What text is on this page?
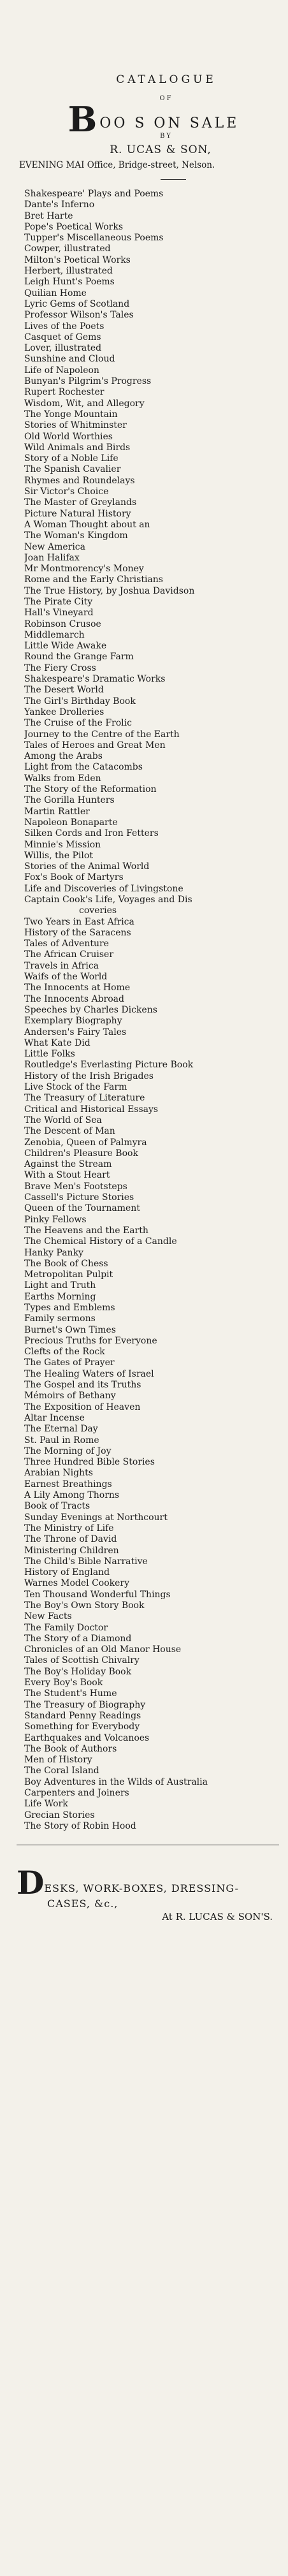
CATALOGUE
OF
B OO S ON SALE
BY
R. UCAS & SON,
EVENING MAI Office, Bridge-street, Nelson.
Shakespeare' Plays and Poems
Dante's Inferno
Bret Harte
Pope's Poetical Works
Tupper's Miscellaneous Poems
Cowper, illustrated
Milton's Poetical Works
Herbert, illustrated
Leigh Hunt's Poems
Quilian Home
Lyric Gems of Scotland
Professor Wilson's Tales
Lives of the Poets
Casquet of Gems
Lover, illustrated
Sunshine and Cloud
Life of Napoleon
Bunyan's Pilgrim's Progress
Rupert Rochester
Wisdom, Wit, and Allegory
The Yonge Mountain
Stories of Whitminster
Old World Worthies
Wild Animals and Birds
Story of a Noble Life
The Spanish Cavalier
Rhymes and Roundelays
Sir Victor's Choice
The Master of Greylands
Picture Natural History
A Woman Thought about an
The Woman's Kingdom
New America
Joan Halifax
Mr Montmorency's Money
Rome and the Early Christians
The True History, by Joshua Davidson
The Pirate City
Hall's Vineyard
Robinson Crusoe
Middlemarch
Little Wide Awake
Round the Grange Farm
The Fiery Cross
Shakespeare's Dramatic Works
The Desert World
The Girl's Birthday Book
Yankee Drolleries
The Cruise of the Frolic
Journey to the Centre of the Earth
Tales of Heroes and Great Men
Among the Arabs
Light from the Catacombs
Walks from Eden
The Story of the Reformation
The Gorilla Hunters
Martin Rattler
Napoleon Bonaparte
Silken Cords and Iron Fetters
Minnie's Mission
Willis, the Pilot
Stories of the Animal World
Fox's Book of Martyrs
Life and Discoveries of Livingstone
Captain Cook's Life, Voyages and Dis
coveries
Two Years in East Africa
History of the Saracens
Tales of Adventure
The African Cruiser
Travels in Africa
Waifs of the World
The Innocents at Home
The Innocents Abroad
Speeches by Charles Dickens
Exemplary Biography
Andersen's Fairy Tales
What Kate Did
Little Folks
Routledge's Everlasting Picture Book
History of the Irish Brigades
Live Stock of the Farm
The Treasury of Literature
Critical and Historical Essays
The World of Sea
The Descent of Man
Zenobia, Queen of Palmyra
Children's Pleasure Book
Against the Stream
With a Stout Heart
Brave Men's Footsteps
Cassell's Picture Stories
Queen of the Tournament
Pinky Fellows
The Heavens and the Earth
The Chemical History of a Candle
Hanky Panky
The Book of Chess
Metropolitan Pulpit
Light and Truth
Earths Morning
Types and Emblems
Family sermons
Burnet's Own Times
Precious Truths for Everyone
Clefts of the Rock
The Gates of Prayer
The Healing Waters of Israel
The Gospel and its Truths
Mémoirs of Bethany
The Exposition of Heaven
Altar Incense
The Eternal Day
St. Paul in Rome
The Morning of Joy
Three Hundred Bible Stories
Arabian Nights
Earnest Breathings
A Lily Among Thorns
Book of Tracts
Sunday Evenings at Northcourt
The Ministry of Life
The Throne of David
Ministering Children
The Child's Bible Narrative
History of England
Warnes Model Cookery
Ten Thousand Wonderful Things
The Boy's Own Story Book
New Facts
The Family Doctor
The Story of a Diamond
Chronicles of an Old Manor House
Tales of Scottish Chivalry
The Boy's Holiday Book
Every Boy's Book
The Student's Hume
The Treasury of Biography
Standard Penny Readings
Something for Everybody
Earthquakes and Volcanoes
The Book of Authors
Men of History
The Coral Island
Boy Adventures in the Wilds of Australia
Carpenters and Joiners
Life Work
Grecian Stories
The Story of Robin Hood
D ESKS, WORK-BOXES, DRESSING-
CASES, &c.,
At R. LUCAS & SON'S.
